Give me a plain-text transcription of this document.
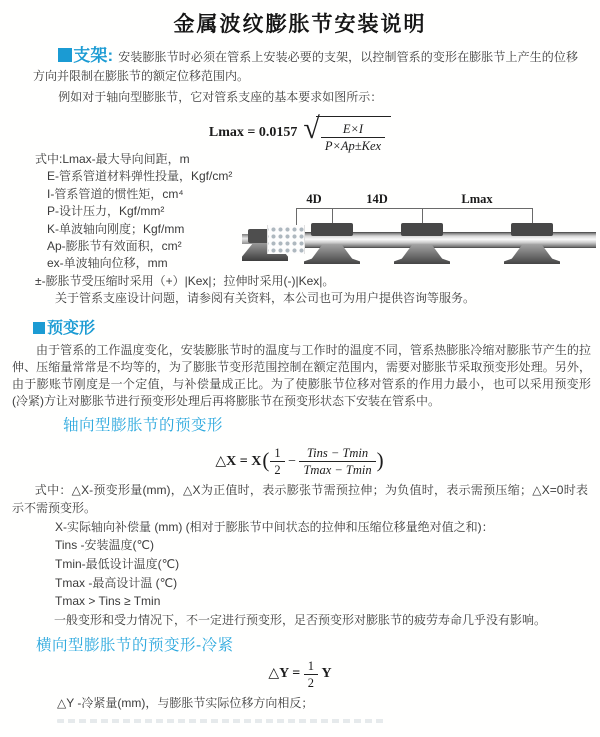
金属波纹膨胀节安装说明
支架: 安装膨胀节时必须在管系上安装必要的支架，以控制管系的变形在膨胀节上产生的位移方向并限制在膨胀节的额定位移范围内。
例如对于轴向型膨胀节，它对管系支座的基本要求如图所示：
Lmax = 0.0157 √ $\frac{E\times I}{\text{P×Ap±Kex}}$
式中:Lmax-最大导向间距，m
E-管系管道材料弹性投量，Kgf/cm²
I-管系管道的惯性矩，cm⁴
P-设计压力，Kgf/mm²
K-单波轴向刚度；Kgf/mm
Ap-膨胀节有效面积，cm²
ex-单波轴向位移，mm
±-膨胀节受压缩时采用（+）|Kex|；拉伸时采用(-)|Kex|。
关于管系支座设计问题，请参阅有关资料，本公司也可为用户提供咨询等服务。
4D	14D	Lmax
预变形
由于管系的工作温度变化，安装膨胀节时的温度与工作时的温度不同，管系热膨胀冷缩对膨胀节产生的拉伸、压缩量常常是不均等的，为了膨胀节变形范围控制在额定范围内，需要对膨胀节采取预变形处理。另外，由于膨账节刚度是一个定值，与补偿量成正比。为了使膨胀节位移对管系的作用力最小，也可以采用预变形(冷紧)方让对膨胀节进行预变形处理后再将膨胀节在预变形状态下安装在管系中。
轴向型膨胀节的预变形
△X = $X( \frac{1}{2} - \frac{\text{Tins − Tmin}}{Tmax - Tmin}$ )
式中：△X-预变形量(mm)，△X为正值时，表示膨张节需预拉伸；为负值时，表示需预压缩；△X=0时表示不需预变形。
X-实际轴向补偿量 (mm) (相对于膨胀节中间状态的拉伸和压缩位移量绝对值之和)：
Tins -安装温度(℃)
Tmin-最低设计温度(℃)
Tmax -最高设计温 (℃)
Tmax > Tins ≥ Tmin
一般变形和受力情况下，不一定进行预变形，足否预变形对膨胀节的疲劳寿命几乎没有影响。
横向型膨胀节的预变形-冷紧
△Y = $\frac{1}{2}$ Y
△Y -冷紧量(mm)，与膨胀节实际位移方向相反；
